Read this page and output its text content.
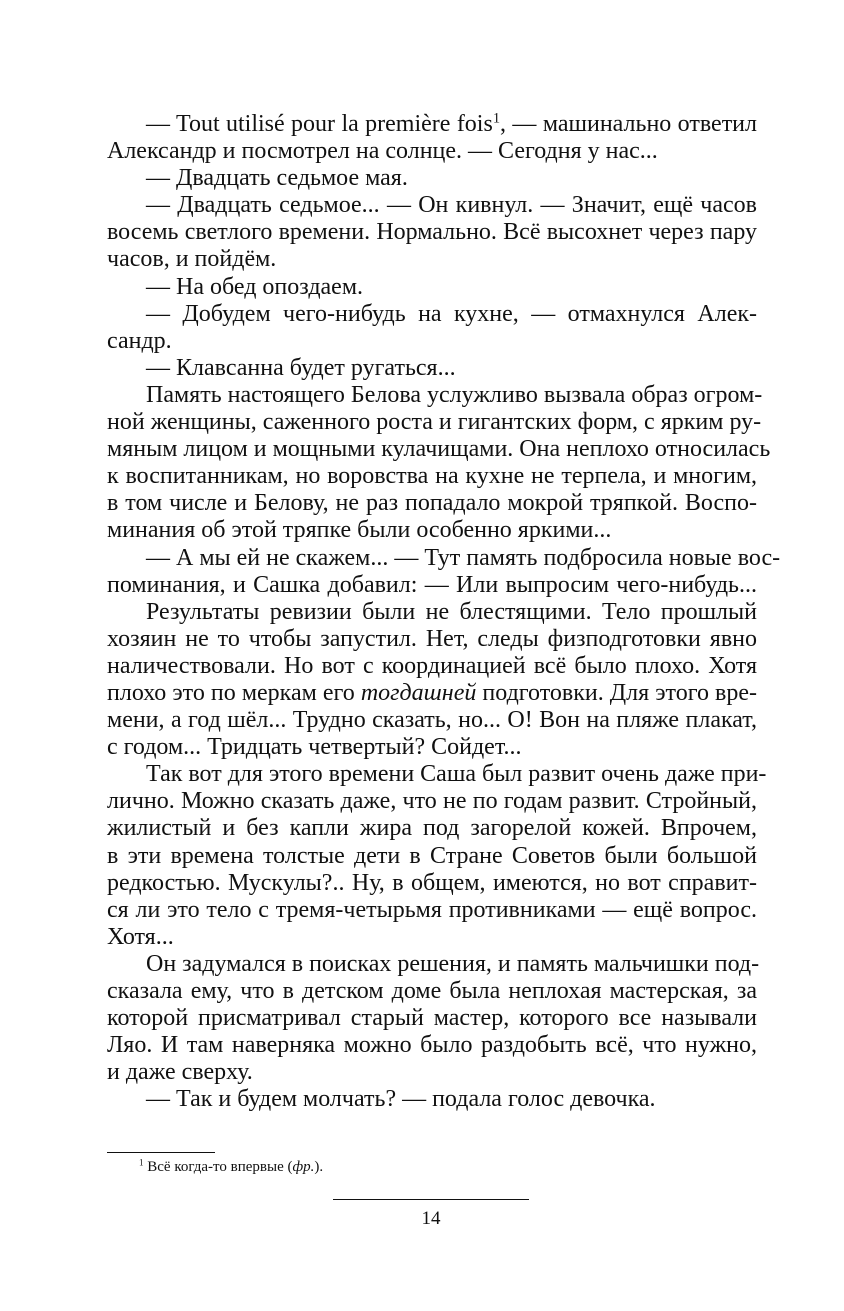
— Tout utilisé pour la première fois$^1$, — машинально ответил
Александр и посмотрел на солнце. — Сегодня у нас...
— Двадцать седьмое мая.
— Двадцать седьмое... — Он кивнул. — Значит, ещё часов
восемь светлого времени. Нормально. Всё высохнет через пару
часов, и пойдём.
— На обед опоздаем.
— Добудем чего-нибудь на кухне, — отмахнулся Алек-
сандр.
— Клавсанна будет ругаться...
Память настоящего Белова услужливо вызвала образ огром-
ной женщины, саженного роста и гигантских форм, с ярким ру-
мяным лицом и мощными кулачищами. Она неплохо относилась
к воспитанникам, но воровства на кухне не терпела, и многим,
в том числе и Белову, не раз попадало мокрой тряпкой. Воспо-
минания об этой тряпке были особенно яркими...
— А мы ей не скажем... — Тут память подбросила новые вос-
поминания, и Сашка добавил: — Или выпросим чего-нибудь...
Результаты ревизии были не блестящими. Тело прошлый
хозяин не то чтобы запустил. Нет, следы физподготовки явно
наличествовали. Но вот с координацией всё было плохо. Хотя
плохо это по меркам его тогдашней подготовки. Для этого вре-
мени, а год шёл... Трудно сказать, но... О! Вон на пляже плакат,
с годом... Тридцать четвертый? Сойдет...
Так вот для этого времени Саша был развит очень даже при-
лично. Можно сказать даже, что не по годам развит. Стройный,
жилистый и без капли жира под загорелой кожей. Впрочем,
в эти времена толстые дети в Стране Советов были большой
редкостью. Мускулы?.. Ну, в общем, имеются, но вот справит-
ся ли это тело с тремя-четырьмя противниками — ещё вопрос.
Хотя...
Он задумался в поисках решения, и память мальчишки под-
сказала ему, что в детском доме была неплохая мастерская, за
которой присматривал старый мастер, которого все называли
Ляо. И там наверняка можно было раздобыть всё, что нужно,
и даже сверху.
— Так и будем молчать? — подала голос девочка.
$^1$ Всё когда-то впервые (фр.).
14
